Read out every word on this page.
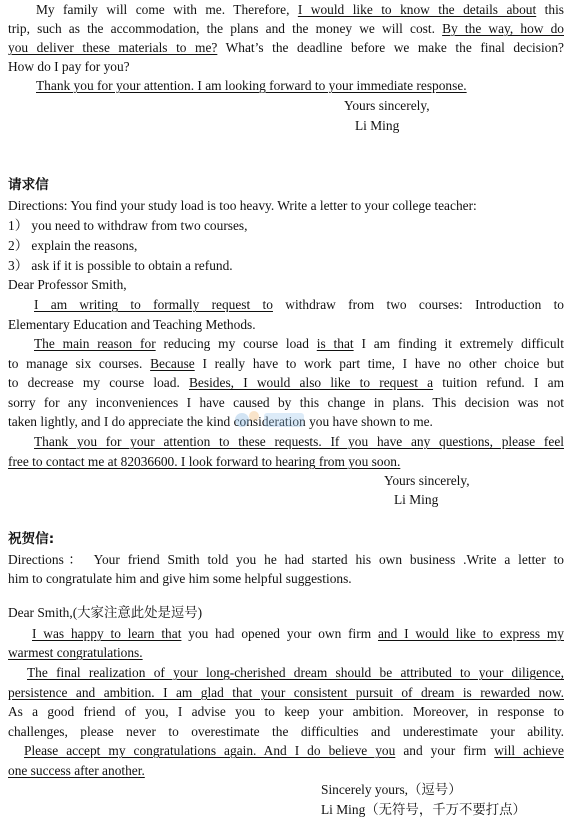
My family will come with me. Therefore, I would like to know the details about this
trip, such as the accommodation, the plans and the money we will cost. By the way, how do
you deliver these materials to me? What’s the deadline before we make the final decision?
How do I pay for you?
Thank you for your attention. I am looking forward to your immediate response.
Yours sincerely,
Li Ming
请求信
Directions: You find your study load is too heavy. Write a letter to your college teacher:
1） you need to withdraw from two courses,
2） explain the reasons,
3） ask if it is possible to obtain a refund.
Dear Professor Smith,
I am writing to formally request to withdraw from two courses: Introduction to
Elementary Education and Teaching Methods.
The main reason for reducing my course load is that I am finding it extremely difficult
to manage six courses. Because I really have to work part time, I have no other choice but
to decrease my course load. Besides, I would also like to request a tuition refund. I am
sorry for any inconveniences I have caused by this change in plans. This decision was not
taken lightly, and I do appreciate the kind consideration you have shown to me.
Thank you for your attention to these requests. If you have any questions, please feel
free to contact me at 82036600. I look forward to hearing from you soon.
Yours sincerely,
Li Ming
祝贺信:
Directions： Your friend Smith told you he had started his own business .Write a letter to
him to congratulate him and give him some helpful suggestions.
Dear Smith,(大家注意此处是逗号)
I was happy to learn that you had opened your own firm and I would like to express my
warmest congratulations.
The final realization of your long-cherished dream should be attributed to your diligence,
persistence and ambition. I am glad that your consistent pursuit of dream is rewarded now.
As a good friend of you, I advise you to keep your ambition. Moreover, in response to
challenges, please never to overestimate the difficulties and underestimate your ability.
Please accept my congratulations again. And I do believe you and your firm will achieve
one success after another.
Sincerely yours,（逗号）
Li Ming（无符号，千万不要打点）
